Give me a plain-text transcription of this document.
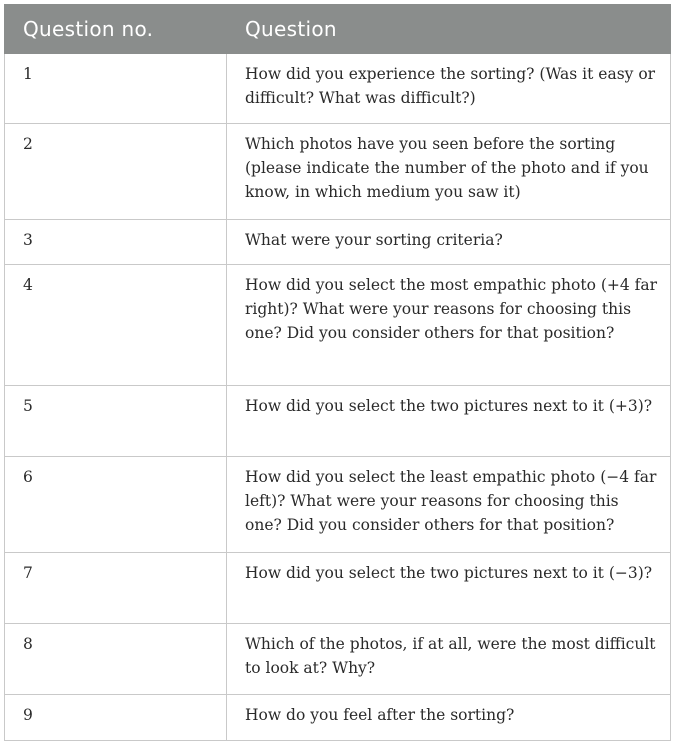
Question no.	Question
1	How did you experience the sorting? (Was it easy or difficult? What was difficult?)
2	Which photos have you seen before the sorting (please indicate the number of the photo and if you know, in which medium you saw it)
3	What were your sorting criteria?
4	How did you select the most empathic photo (+4 far right)? What were your reasons for choosing this one? Did you consider others for that position?
5	How did you select the two pictures next to it (+3)?
6	How did you select the least empathic photo (−4 far left)? What were your reasons for choosing this one? Did you consider others for that position?
7	How did you select the two pictures next to it (−3)?
8	Which of the photos, if at all, were the most difficult to look at? Why?
9	How do you feel after the sorting?
